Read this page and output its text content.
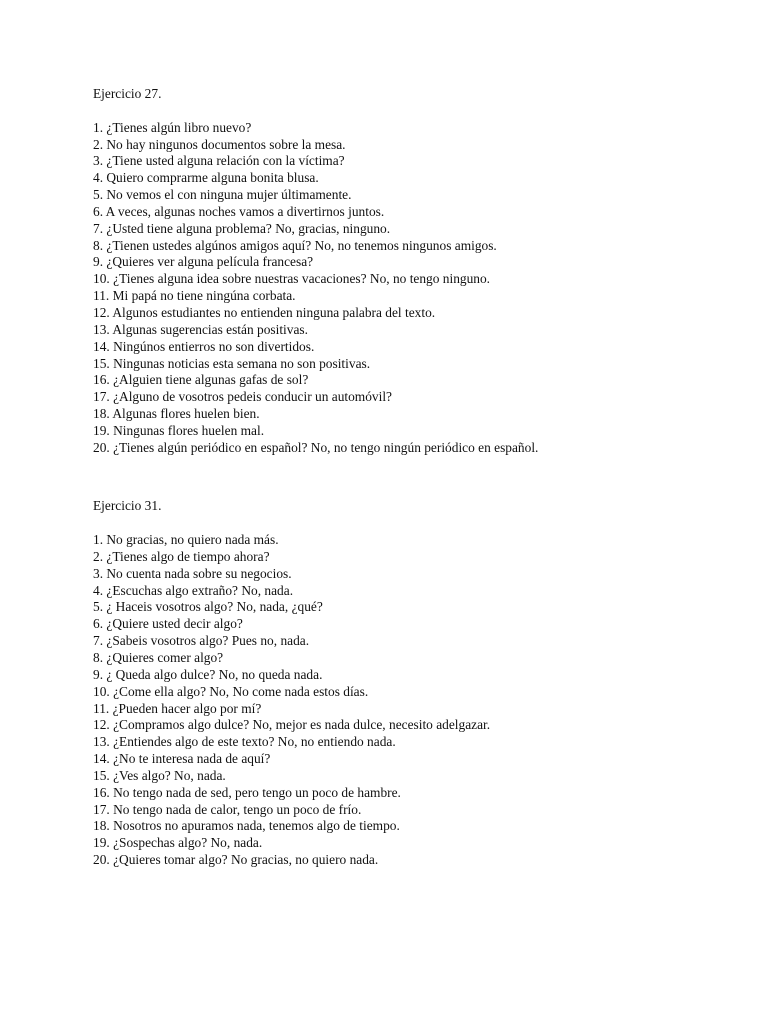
Ejercicio 27.

1. ¿Tienes algún libro nuevo?
2. No hay ningunos documentos sobre la mesa.
3. ¿Tiene usted alguna relación con la víctima?
4. Quiero comprarme alguna bonita blusa.
5. No vemos el con ninguna mujer últimamente.
6. A veces, algunas noches vamos a divertirnos juntos.
7. ¿Usted tiene alguna problema? No, gracias, ninguno.
8. ¿Tienen ustedes algúnos amigos aquí? No, no tenemos ningunos amigos.
9. ¿Quieres ver alguna película francesa?
10. ¿Tienes alguna idea sobre nuestras vacaciones? No, no tengo ninguno.
11. Mi papá no tiene ningúna corbata.
12. Algunos estudiantes no entienden ninguna palabra del texto.
13. Algunas sugerencias están positivas.
14. Ningúnos entierros no son divertidos.
15. Ningunas noticias esta semana no son positivas.
16. ¿Alguien tiene algunas gafas de sol?
17. ¿Alguno de vosotros pedeis conducir un automóvil?
18. Algunas flores huelen bien.
19. Ningunas flores huelen mal.
20. ¿Tienes algún periódico en español? No, no tengo ningún periódico en español.

Ejercicio 31.

1. No gracias, no quiero nada más.
2. ¿Tienes algo de tiempo ahora?
3. No cuenta nada sobre su negocios.
4. ¿Escuchas algo extraño? No, nada.
5. ¿ Haceis vosotros algo? No, nada, ¿qué?
6. ¿Quiere usted decir algo?
7. ¿Sabeis vosotros algo? Pues no, nada.
8. ¿Quieres comer algo?
9. ¿ Queda algo dulce? No, no queda nada.
10. ¿Come ella algo? No, No come nada estos días.
11. ¿Pueden hacer algo por mí?
12. ¿Compramos algo dulce? No, mejor es nada dulce, necesito adelgazar.
13. ¿Entiendes algo de este texto? No, no entiendo nada.
14. ¿No te interesa nada de aquí?
15. ¿Ves algo? No, nada.
16. No tengo nada de sed, pero tengo un poco de hambre.
17. No tengo nada de calor, tengo un poco de frío.
18. Nosotros no apuramos nada, tenemos algo de tiempo.
19. ¿Sospechas algo? No, nada.
20. ¿Quieres tomar algo? No gracias, no quiero nada.
